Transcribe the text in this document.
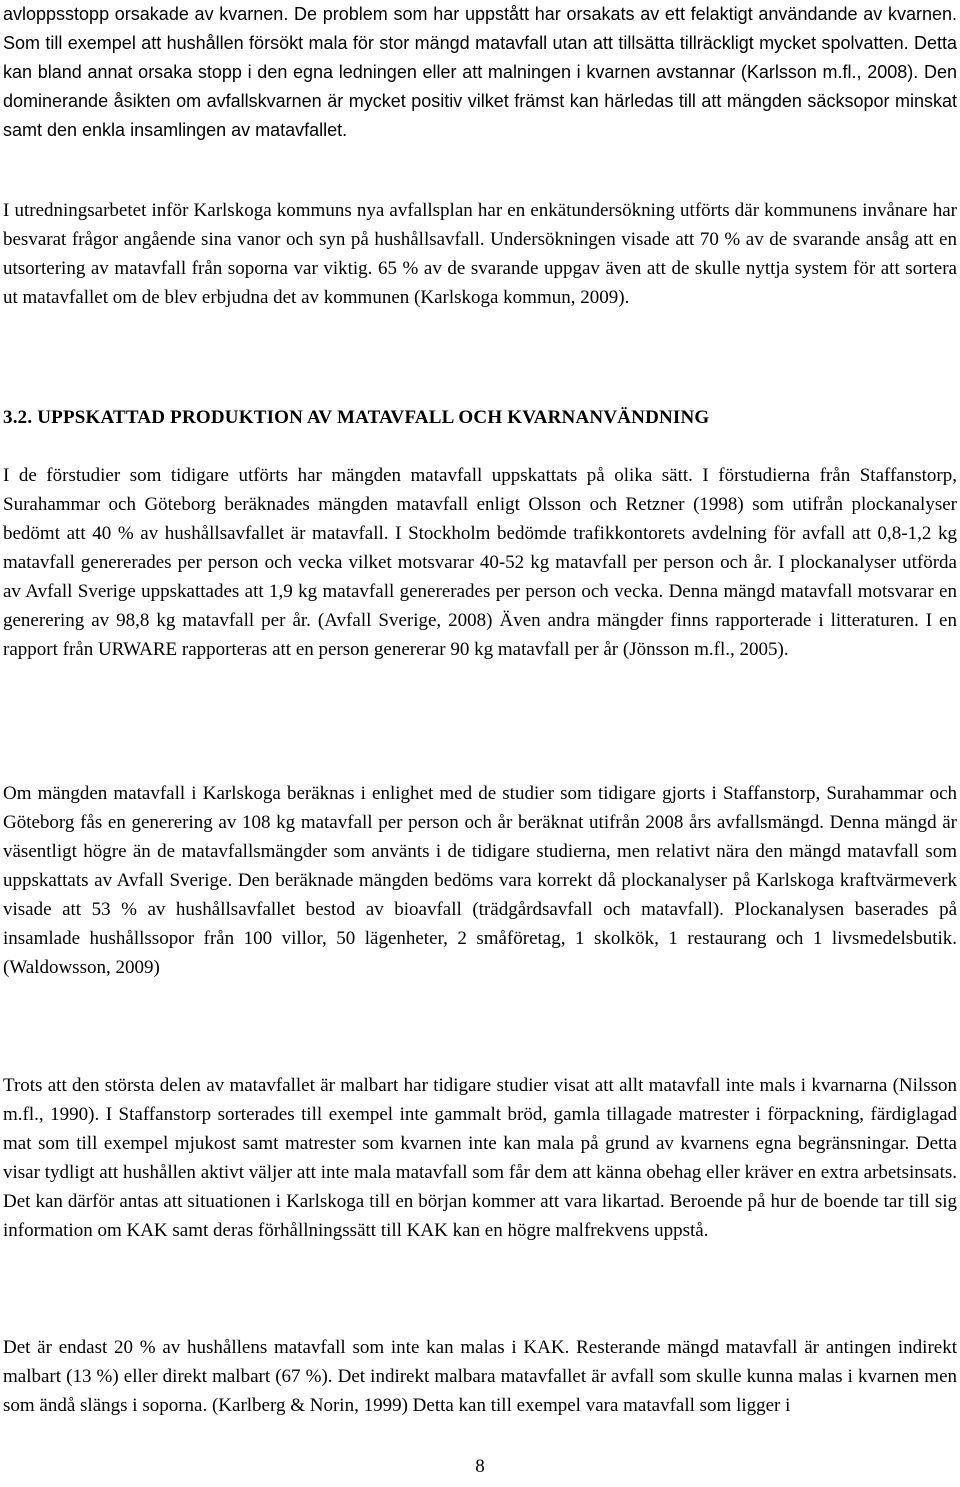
avloppsstopp orsakade av kvarnen. De problem som har uppstått har orsakats av ett felaktigt användande av kvarnen. Som till exempel att hushållen försökt mala för stor mängd matavfall utan att tillsätta tillräckligt mycket spolvatten. Detta kan bland annat orsaka stopp i den egna ledningen eller att malningen i kvarnen avstannar (Karlsson m.fl., 2008). Den dominerande åsikten om avfallskvarnen är mycket positiv vilket främst kan härledas till att mängden säcksopor minskat samt den enkla insamlingen av matavfallet.

I utredningsarbetet inför Karlskoga kommuns nya avfallsplan har en enkätundersökning utförts där kommunens invånare har besvarat frågor angående sina vanor och syn på hushållsavfall. Undersökningen visade att 70 % av de svarande ansåg att en utsortering av matavfall från soporna var viktig. 65 % av de svarande uppgav även att de skulle nyttja system för att sortera ut matavfallet om de blev erbjudna det av kommunen (Karlskoga kommun, 2009).

3.2. UPPSKATTAD PRODUKTION AV MATAVFALL OCH KVARNANVÄNDNING

I de förstudier som tidigare utförts har mängden matavfall uppskattats på olika sätt. I förstudierna från Staffanstorp, Surahammar och Göteborg beräknades mängden matavfall enligt Olsson och Retzner (1998) som utifrån plockanalyser bedömt att 40 % av hushållsavfallet är matavfall. I Stockholm bedömde trafikkontorets avdelning för avfall att 0,8-1,2 kg matavfall genererades per person och vecka vilket motsvarar 40-52 kg matavfall per person och år. I plockanalyser utförda av Avfall Sverige uppskattades att 1,9 kg matavfall genererades per person och vecka. Denna mängd matavfall motsvarar en generering av 98,8 kg matavfall per år. (Avfall Sverige, 2008) Även andra mängder finns rapporterade i litteraturen. I en rapport från URWARE rapporteras att en person genererar 90 kg matavfall per år (Jönsson m.fl., 2005).

Om mängden matavfall i Karlskoga beräknas i enlighet med de studier som tidigare gjorts i Staffanstorp, Surahammar och Göteborg fås en generering av 108 kg matavfall per person och år beräknat utifrån 2008 års avfallsmängd. Denna mängd är väsentligt högre än de matavfallsmängder som använts i de tidigare studierna, men relativt nära den mängd matavfall som uppskattats av Avfall Sverige. Den beräknade mängden bedöms vara korrekt då plockanalyser på Karlskoga kraftvärmeverk visade att 53 % av hushållsavfallet bestod av bioavfall (trädgårdsavfall och matavfall). Plockanalysen baserades på insamlade hushållssopor från 100 villor, 50 lägenheter, 2 småföretag, 1 skolkök, 1 restaurang och 1 livsmedelsbutik. (Waldowsson, 2009)

Trots att den största delen av matavfallet är malbart har tidigare studier visat att allt matavfall inte mals i kvarnarna (Nilsson m.fl., 1990). I Staffanstorp sorterades till exempel inte gammalt bröd, gamla tillagade matrester i förpackning, färdiglagad mat som till exempel mjukost samt matrester som kvarnen inte kan mala på grund av kvarnens egna begränsningar. Detta visar tydligt att hushållen aktivt väljer att inte mala matavfall som får dem att känna obehag eller kräver en extra arbetsinsats. Det kan därför antas att situationen i Karlskoga till en början kommer att vara likartad. Beroende på hur de boende tar till sig information om KAK samt deras förhållningssätt till KAK kan en högre malfrekvens uppstå.

Det är endast 20 % av hushållens matavfall som inte kan malas i KAK. Resterande mängd matavfall är antingen indirekt malbart (13 %) eller direkt malbart (67 %). Det indirekt malbara matavfallet är avfall som skulle kunna malas i kvarnen men som ändå slängs i soporna. (Karlberg & Norin, 1999) Detta kan till exempel vara matavfall som ligger i

8
